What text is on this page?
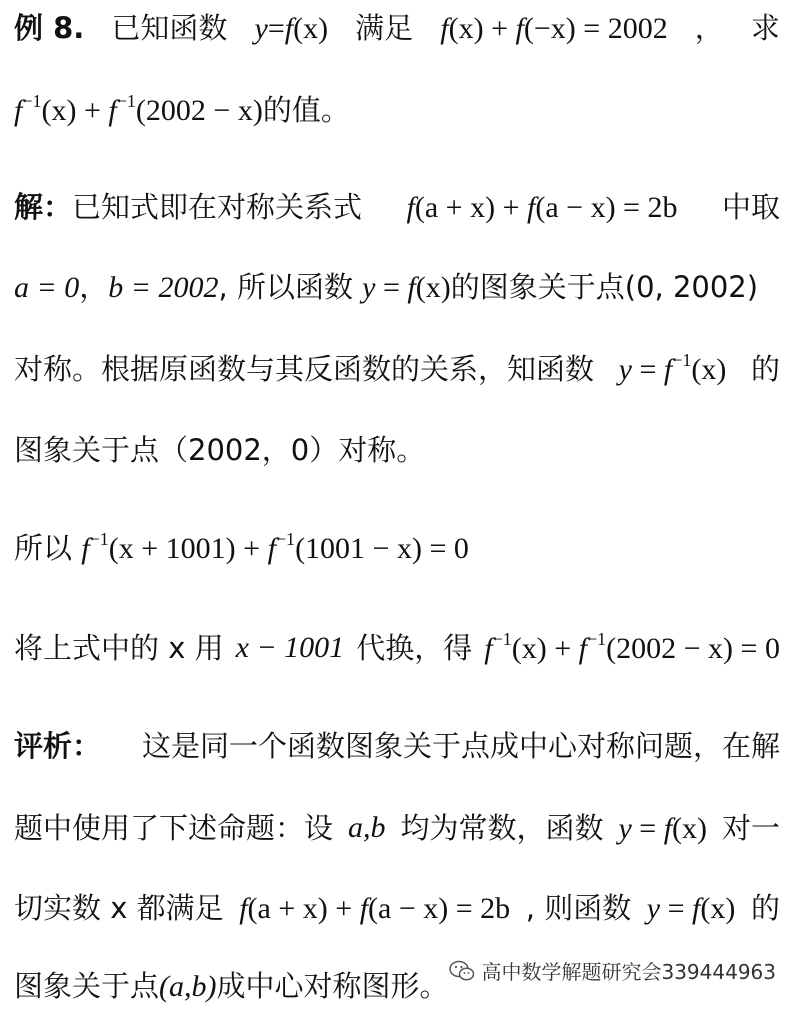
例 8. 已知函数 y=f(x) 满足 f(x) + f(−x) = 2002 ， 求
$f^{-1}(x) + f^{-1}(2002 - x)$的值。
解：已知式即在对称关系式 f(a + x) + f(a − x) = 2b 中取
a = 0，b = 2002, 所以函数 y = f(x)的图象关于点(0, 2002)
对称。根据原函数与其反函数的关系，知函数 $y = f^{-1}(x)$ 的
图象关于点（2002，0）对称。
所以 $f^{-1}(x + 1001) + f^{-1}(1001 - x) = 0$
将上式中的 x 用 x − 1001 代换，得 $f^{-1}(x) + f^{-1}(2002 - x) = 0$
评析： 这是同一个函数图象关于点成中心对称问题，在解
题中使用了下述命题：设 a,b 均为常数，函数 y = f(x) 对一
切实数 x 都满足 f(a + x) + f(a − x) = 2b , 则函数 y = f(x) 的
图象关于点(a,b)成中心对称图形。	高中数学解题研究会339444963
